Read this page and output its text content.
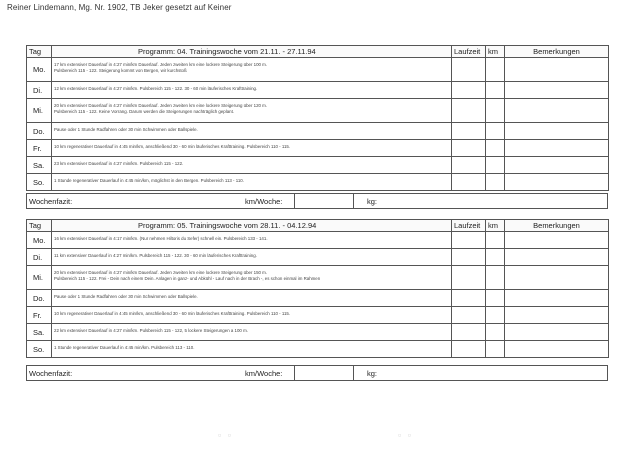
Reiner Lindemann, Mg. Nr. 1902, TB Jeker gesetzt auf Keiner
Tag	Programm: 04. Trainingswoche vom 21.11. - 27.11.94	Laufzeit	km	Bemerkungen
Mo.	17 km extensiver Dauerlauf in 4:27 min/km Dauerlauf. Jeden zweiten km eine lockere Steigerung über 100 m.
Pulsbereich 115 - 122. Steigerung kommt von Bergen, wir kurchstoß			

Di.	12 km extensiver Dauerlauf in 4:27 min/km. Pulsbereich 115 - 122. 30 - 60 min läuferisches Krafttraining.			
Mi.	20 km extensiver Dauerlauf in 4:27 min/km Dauerlauf. Jeden zweiten km eine lockere Steigerung über 120 m.
Pulsbereich 115 - 122. Keine Vorrang. Darum werden die Steigerungen nachträglich geplant.			

Do.	Pause oder 1 Stunde Radfahren oder 30 min Schwimmen oder Ballspiele.			
Fr.	10 km regenerativer Dauerlauf in 4:45 min/km, anschließend 30 - 60 min läuferisches Krafttraining. Pulsbereich 110 - 115.			
Sa.	23 km extensiver Dauerlauf in 4:27 min/km. Pulsbereich 115 - 122.			
So.	1 Stunde regenerativer Dauerlauf in 4:45 min/km, möglichst in den Bergen. Pulsbereich 113 - 110.			
Wochenfazit:	km/Woche:	kg:
Tag	Programm: 05. Trainingswoche vom 28.11. - 04.12.94	Laufzeit	km	Bemerkungen
Mo.	16 km extensiver Dauerlauf in 4:17 min/km. (Nur nehmen Hiltoris du Sefer) schnell ein. Pulsbereich 133 - 141.			
Di.	11 km extensiver Dauerlauf in 4:27 min/km. Pulsbereich 115 - 122. 30 - 60 min läuferisches Krafttraining.			
Mi.	20 km extensiver Dauerlauf in 4:27 min/km Dauerlauf. Jeden zweiten km eine lockere Steigerung über 150 m.
Pulsbereich 115 - 122. Frei - Dein nach einem Dein. Anlagen in ganz- und Abkühl - Lauf nach in der Brach -, es schon einmal im Rahmen			

Do.	Pause oder 1 Stunde Radfahren oder 30 min Schwimmen oder Ballspiele.			
Fr.	10 km regenerativer Dauerlauf in 4:45 min/km, anschließend 30 - 60 min läuferisches Krafttraining. Pulsbereich 110 - 115.			
Sa.	22 km extensiver Dauerlauf in 4:27 min/km. Pulsbereich 115 - 122, 5 lockere Steigerungen a 100 m.			
So.	1 Stunde regenerativer Dauerlauf in 4:45 min/km. Pulsbereich 113 - 110.			
Wochenfazit:	km/Woche:	kg:
▫ ▫	▫ ▫
